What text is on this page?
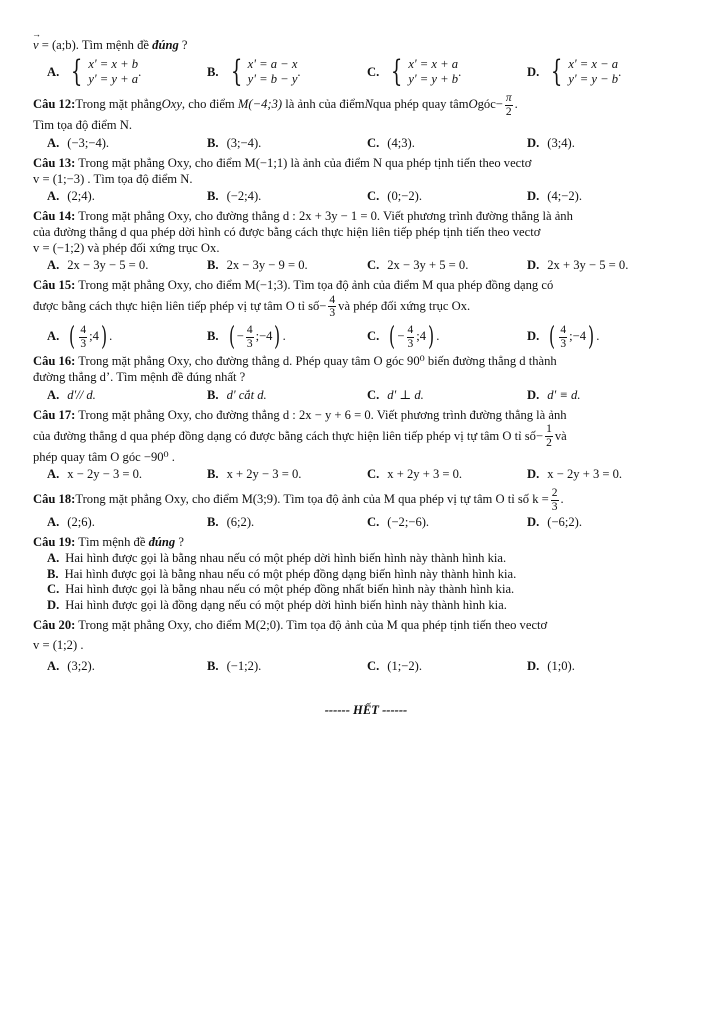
→ v = (a;b). Tìm mệnh đề đúng ?

A. { x' = x + b
y' = y + a
.	B. { x' = a − x
y' = b − y
.	C. { x' = x + a
y' = y + b
.	D. { x' = x − a
y' = y − b
.

Câu 12: Trong mặt phẳng Oxy , cho điểm
M(−4;3)
là ảnh của điểm N qua phép quay tâm O góc − $\frac{\pi}{2}$ .

Tìm tọa độ điểm N.

A. (−3;−4).	B. (3;−4).	C. (4;3).	D. (3;4).

Câu 13: Trong mặt phẳng Oxy, cho điểm M(−1;1) là ảnh của điểm N qua phép tịnh tiến theo vectơ

v = (1;−3) . Tìm tọa độ điểm N.

A. (2;4).	B. (−2;4).	C. (0;−2).	D. (4;−2).

Câu 14: Trong mặt phẳng Oxy, cho đường thẳng d : 2x + 3y − 1 = 0. Viết phương trình đường thẳng là ảnh

của đường thẳng d qua phép dời hình có được bằng cách thực hiện liên tiếp phép tịnh tiến theo vectơ

v = (−1;2) và phép đối xứng trục Ox.

A. 2x − 3y − 5 = 0.	B. 2x − 3y − 9 = 0.	C. 2x − 3y + 5 = 0.	D. 2x + 3y − 5 = 0.

Câu 15: Trong mặt phẳng Oxy, cho điểm M(−1;3). Tìm tọa độ ảnh của điểm M qua phép đồng dạng có

được bằng cách thực hiện liên tiếp phép vị tự tâm O tỉ số − $\frac{4}{3}$ và phép đối xứng trục Ox.

A. ( $\frac{4}{3}$ ;4 ) .	B. ( − $\frac{4}{3}$ ;−4 ) .	C. ( − $\frac{4}{3}$ ;4 ) .	D. ( $\frac{4}{3}$ ;−4 ) .

Câu 16: Trong mặt phẳng Oxy, cho đường thẳng d. Phép quay tâm O góc 90⁰ biến đường thẳng d thành

đường thẳng d’. Tìm mệnh đề đúng nhất ?

A. d'// d.	B. d' cắt d.	C. d' ⊥ d.	D. d' ≡ d.

Câu 17: Trong mặt phẳng Oxy, cho đường thẳng d : 2x − y + 6 = 0. Viết phương trình đường thẳng là ảnh

của đường thẳng d qua phép đồng dạng có được bằng cách thực hiện liên tiếp phép vị tự tâm O tỉ số − $\frac{1}{2}$ và

phép quay tâm O góc −90⁰ .

A. x − 2y − 3 = 0.	B. x + 2y − 3 = 0.	C. x + 2y + 3 = 0.	D. x − 2y + 3 = 0.

Câu 18: Trong mặt phẳng Oxy, cho điểm M(3;9). Tìm tọa độ ảnh của M qua phép vị tự tâm O tỉ số $k = \frac{2}{3}$ .

A. (2;6).	B. (6;2).	C. (−2;−6).	D. (−6;2).

Câu 19: Tìm mệnh đề đúng ?

A. Hai hình được gọi là bằng nhau nếu có một phép dời hình biến hình này thành hình kia.

B. Hai hình được gọi là bằng nhau nếu có một phép đồng dạng biến hình này thành hình kia.

C. Hai hình được gọi là bằng nhau nếu có một phép đồng nhất biến hình này thành hình kia.

D. Hai hình được gọi là đồng dạng nếu có một phép dời hình biến hình này thành hình kia.

Câu 20: Trong mặt phẳng Oxy, cho điểm M(2;0). Tìm tọa độ ảnh của M qua phép tịnh tiến theo vectơ

v = (1;2) .

A. (3;2).	B. (−1;2).	C. (1;−2).	D. (1;0).

------ HẾT ------
